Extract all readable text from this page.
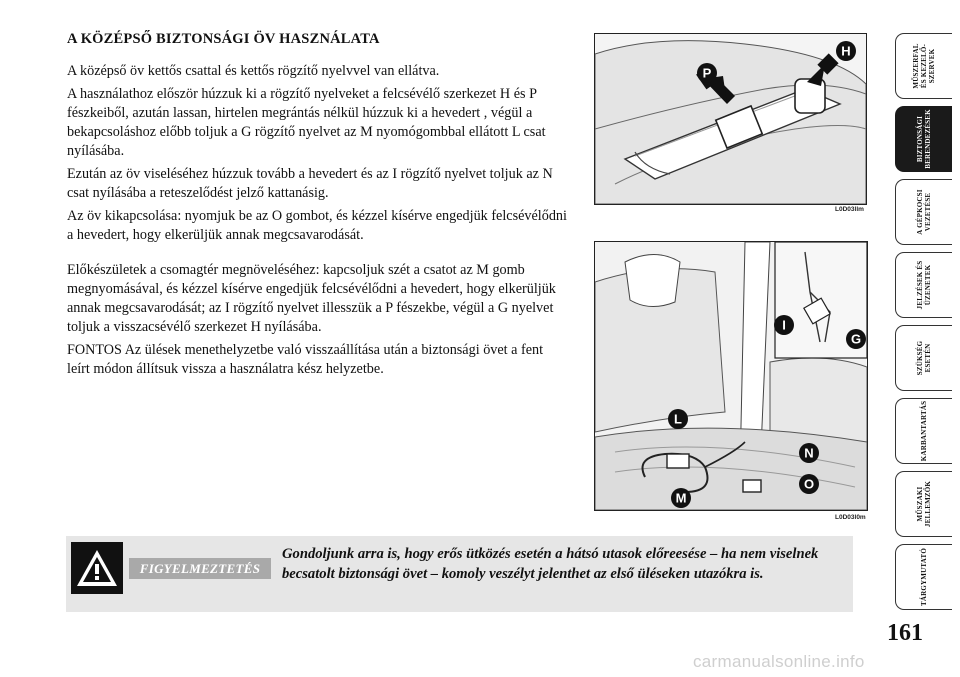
A KÖZÉPSŐ BIZTONSÁGI ÖV HASZNÁLATA

A középső öv kettős csattal és kettős rögzítő nyelvvel van ellátva.

A használathoz először húzzuk ki a rögzítő nyelveket a felcsévélő szerkezet H és P fészkeiből, azután lassan, hirtelen megrántás nélkül húzzuk ki a hevedert , végül a bekapcsoláshoz előbb toljuk a G rögzítő nyelvet az M nyomógombbal ellátott L csat nyílásába.

Ezután az öv viseléséhez húzzuk tovább a hevedert és az I rögzítő nyelvet toljuk az N csat nyílásába a reteszelődést jelző kattanásig.

Az öv kikapcsolása: nyomjuk be az O gombot, és kézzel kísérve engedjük felcsévélődni a hevedert, hogy elkerüljük annak megcsavarodását.

Előkészületek a csomagtér megnöveléséhez: kapcsoljuk szét a csatot az M gomb megnyomásával, és kézzel kísérve engedjük felcsévélődni a hevedert, hogy elkerüljük annak megcsavarodását; az I rögzítő nyelvet illesszük a P fészekbe, végül a G nyelvet toljuk a visszacsévélő szerkezet H nyílásába.

FONTOS Az ülések menethelyzetbe való visszaállítása után a biztonsági övet a fent leírt módon állítsuk vissza a használatra kész helyzetbe.

P
H
L0D03llm
I
G
L
N
M
O
L0D03l0m
FIGYELMEZTETÉS
Gondoljunk arra is, hogy erős ütközés esetén a hátsó utasok előreesése – ha nem viselnek becsatolt biztonsági övet – komoly veszélyt jelenthet az első üléseken utazókra is.
MŰSZERFAL
ÉS KEZELŐ-
SZERVEK
BIZTONSÁGI
BERENDEZÉSEK
A GÉPKOCSI
VEZETÉSE
JELZÉSEK ÉS
ÜZENETEK
SZÜKSÉG
ESETÉN
KARBANTARTÁS
MŰSZAKI
JELLEMZŐK
TÁRGYMUTATÓ
161
carmanualsonline.info
